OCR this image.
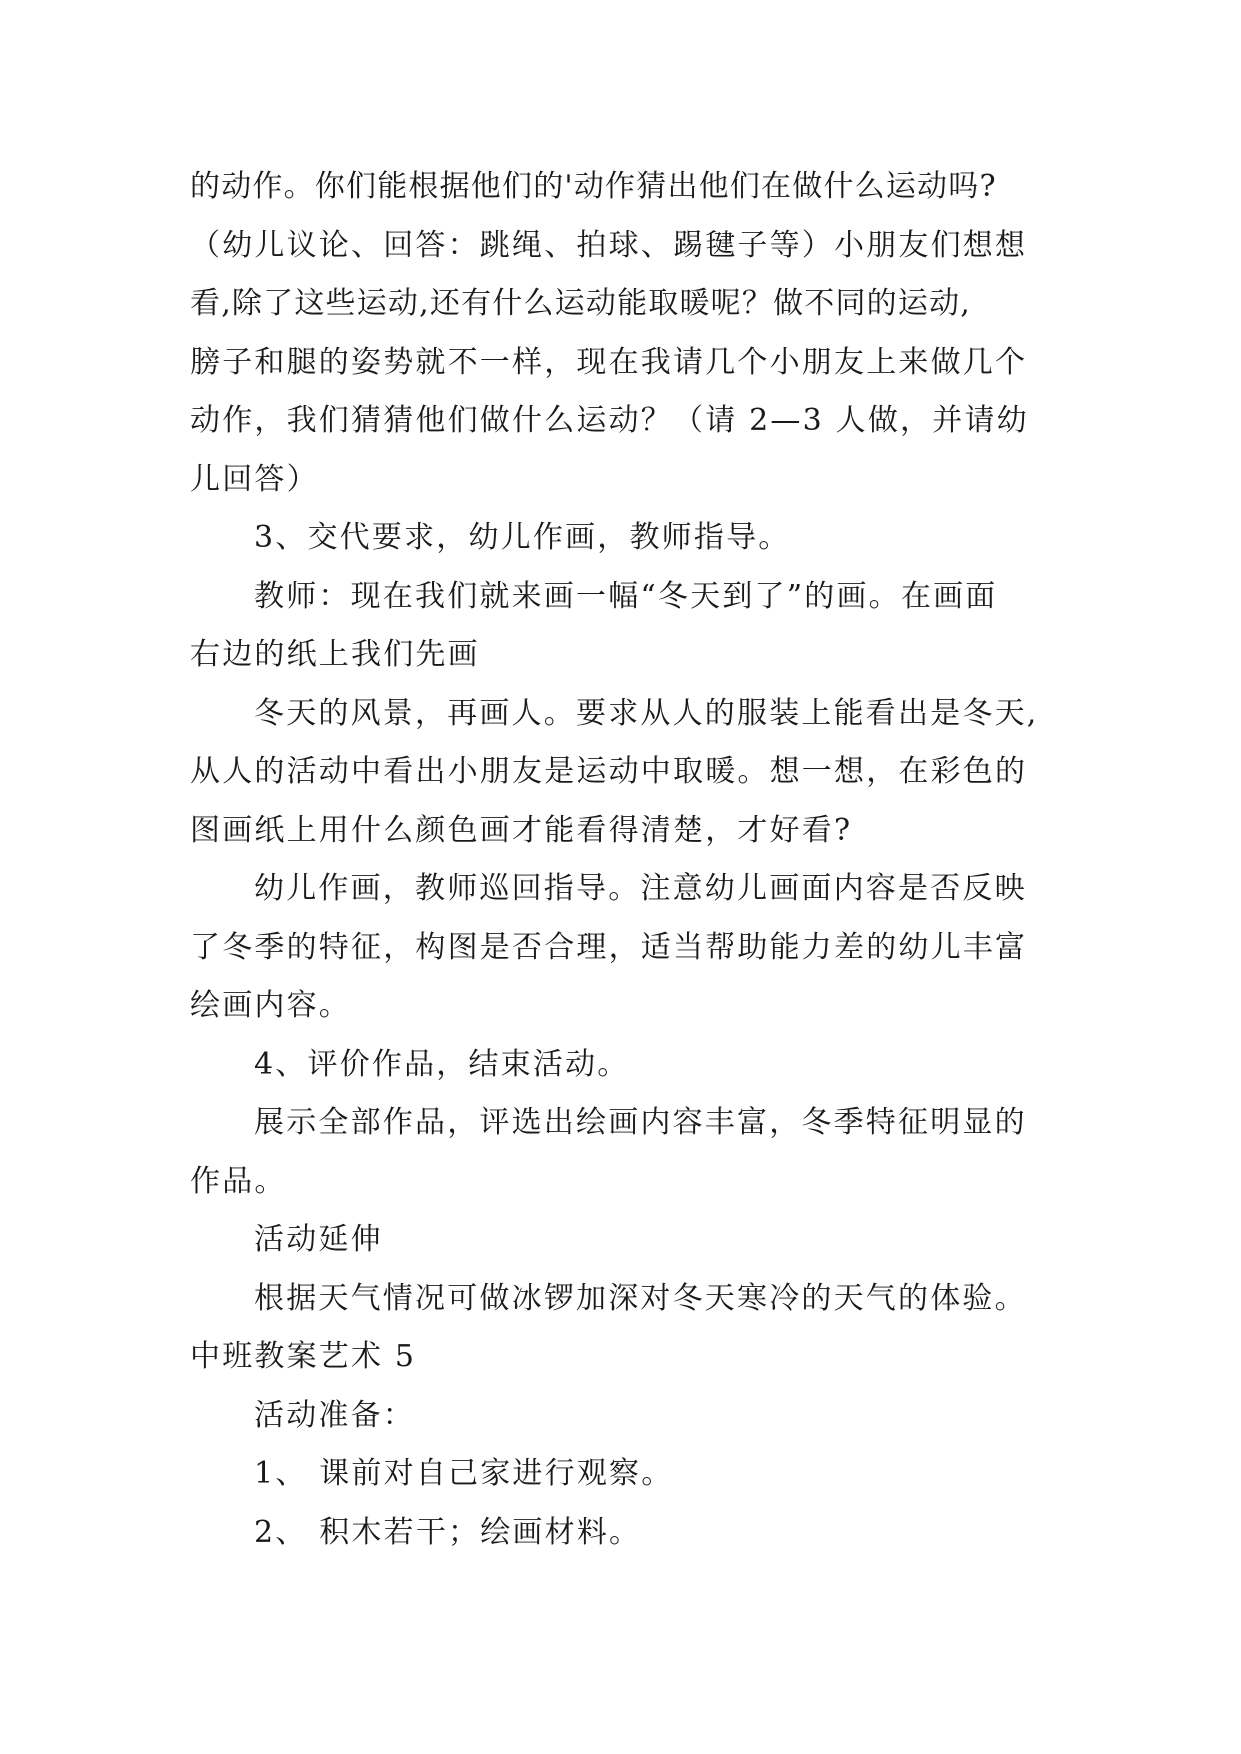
的动作。你们能根据他们的'动作猜出他们在做什么运动吗?
（幼儿议论、回答：跳绳、拍球、踢毽子等）小朋友们想想
看,除了这些运动,还有什么运动能取暖呢？做不同的运动,
膀子和腿的姿势就不一样，现在我请几个小朋友上来做几个
动作，我们猜猜他们做什么运动？（请 2—3 人做，并请幼
儿回答）
3、交代要求，幼儿作画，教师指导。
教师：现在我们就来画一幅“冬天到了”的画。在画面
右边的纸上我们先画
冬天的风景，再画人。要求从人的服装上能看出是冬天,
从人的活动中看出小朋友是运动中取暖。想一想，在彩色的
图画纸上用什么颜色画才能看得清楚，才好看?
幼儿作画，教师巡回指导。注意幼儿画面内容是否反映
了冬季的特征，构图是否合理，适当帮助能力差的幼儿丰富
绘画内容。
4、评价作品，结束活动。
展示全部作品，评选出绘画内容丰富，冬季特征明显的
作品。
活动延伸
根据天气情况可做冰锣加深对冬天寒冷的天气的体验。
中班教案艺术 5
活动准备：
1、 课前对自己家进行观察。
2、 积木若干；绘画材料。
